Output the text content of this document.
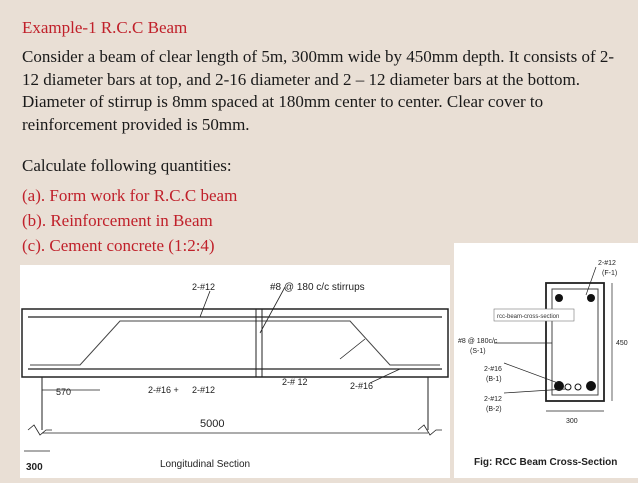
Example-1 R.C.C Beam
Consider a beam of clear length of 5m, 300mm wide by 450mm depth. It consists of 2-12 diameter bars at top, and 2-16 diameter and 2 – 12 diameter bars at the bottom. Diameter of stirrup is 8mm spaced at 180mm center to center. Clear cover to reinforcement provided is 50mm.
Calculate following quantities:
(a). Form work for R.C.C beam
(b). Reinforcement in Beam
(c). Cement concrete (1:2:4)
2-#12	#8 @ 180 c/c stirrups
2-# 12	2-#16
2-#16 + 2-#12
570
5000
300	Longitudinal Section
rcc-beam-cross-section
2-#12
(F-1)
#8 @ 180c/c
(S-1)
2-#16
(B-1)
2-#12
(B-2)
450
300
Fig: RCC Beam Cross-Section
